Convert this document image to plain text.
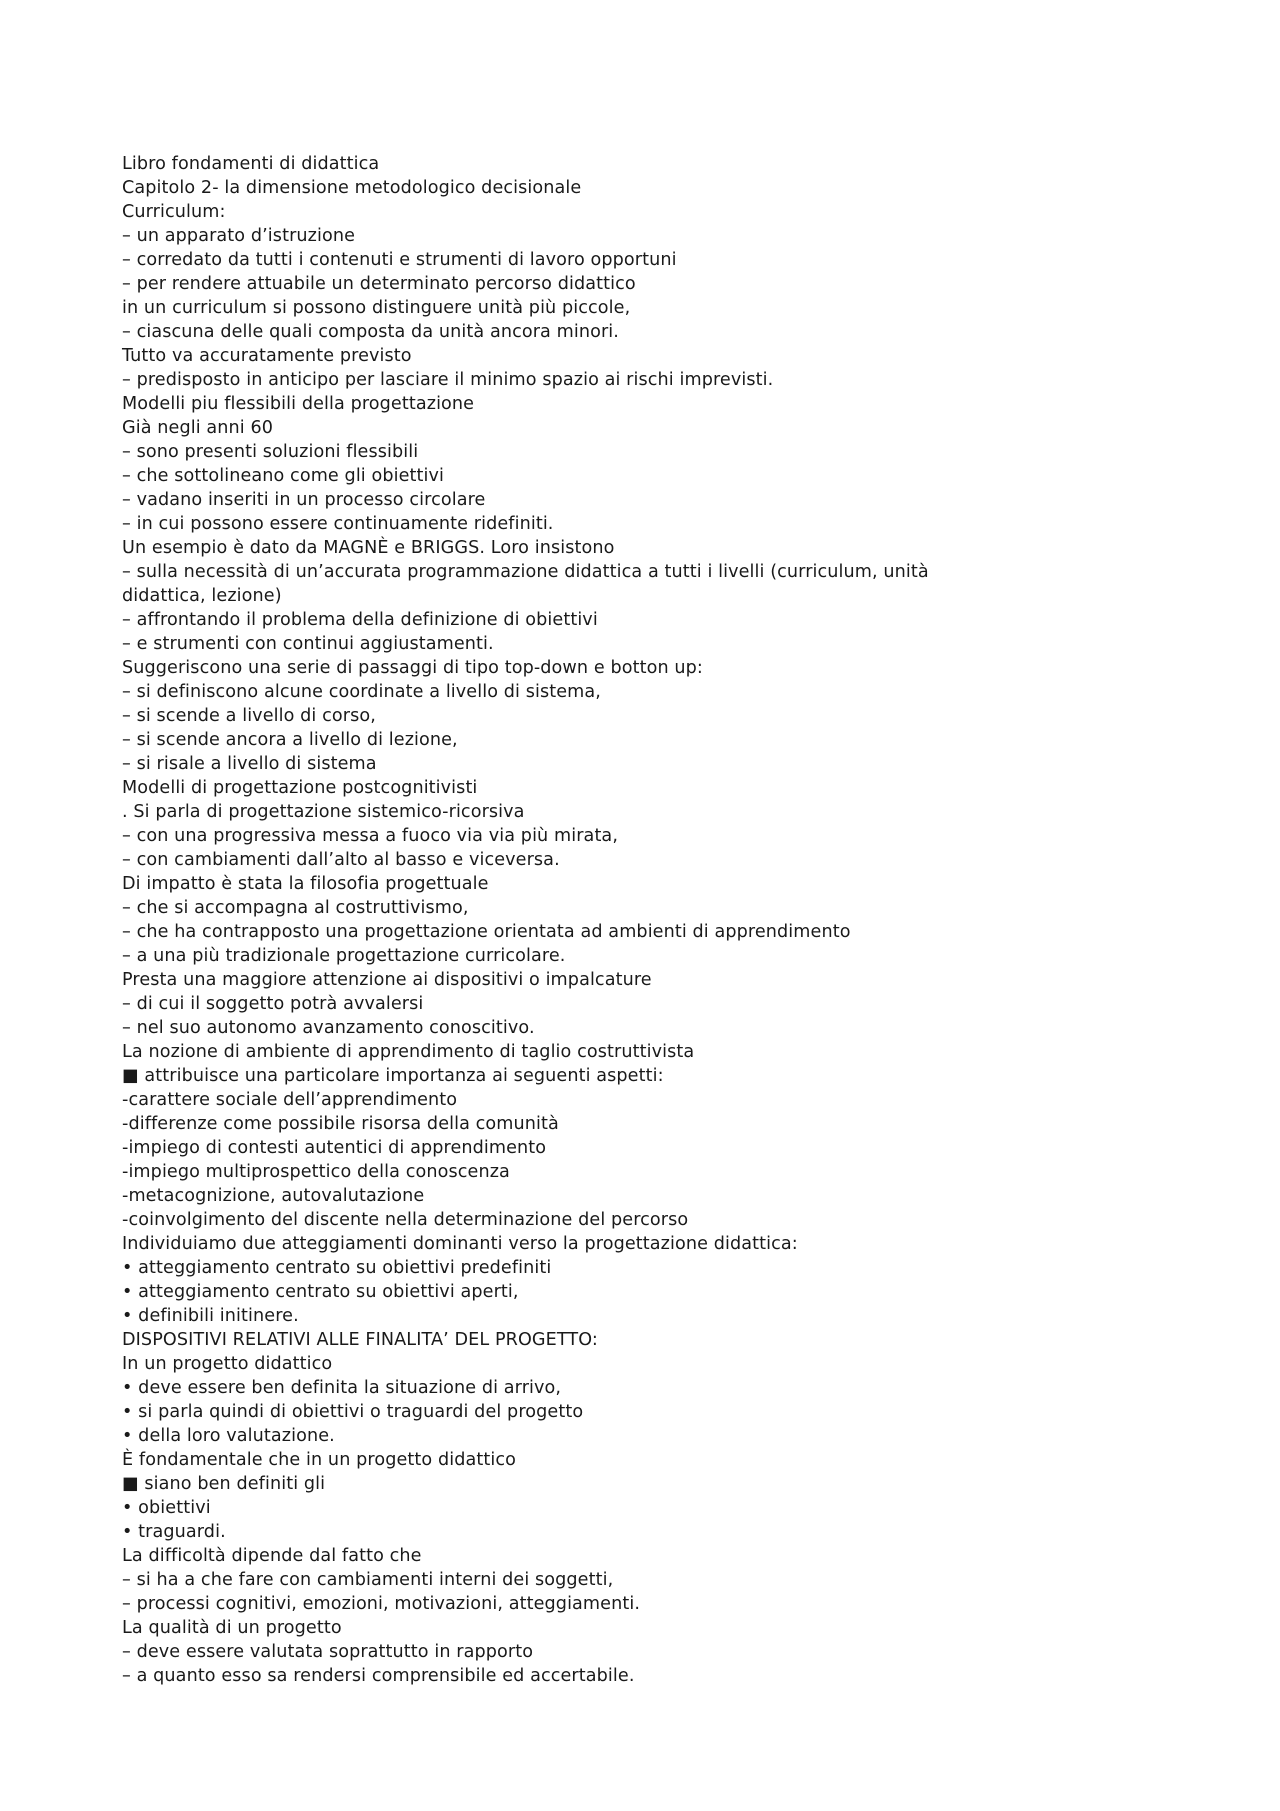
Libro fondamenti di didattica
Capitolo 2- la dimensione metodologico decisionale
Curriculum:
– un apparato d’istruzione
– corredato da tutti i contenuti e strumenti di lavoro opportuni
– per rendere attuabile un determinato percorso didattico
in un curriculum si possono distinguere unità più piccole,
– ciascuna delle quali composta da unità ancora minori.
Tutto va accuratamente previsto
– predisposto in anticipo per lasciare il minimo spazio ai rischi imprevisti.
Modelli piu flessibili della progettazione
Già negli anni 60
– sono presenti soluzioni flessibili
– che sottolineano come gli obiettivi
– vadano inseriti in un processo circolare
– in cui possono essere continuamente ridefiniti.
Un esempio è dato da MAGNÈ e BRIGGS. Loro insistono
– sulla necessità di un’accurata programmazione didattica a tutti i livelli (curriculum, unità
didattica, lezione)
– affrontando il problema della definizione di obiettivi
– e strumenti con continui aggiustamenti.
Suggeriscono una serie di passaggi di tipo top-down e botton up:
– si definiscono alcune coordinate a livello di sistema,
– si scende a livello di corso,
– si scende ancora a livello di lezione,
– si risale a livello di sistema
Modelli di progettazione postcognitivisti
. Si parla di progettazione sistemico-ricorsiva
– con una progressiva messa a fuoco via via più mirata,
– con cambiamenti dall’alto al basso e viceversa.
Di impatto è stata la filosofia progettuale
– che si accompagna al costruttivismo,
– che ha contrapposto una progettazione orientata ad ambienti di apprendimento
– a una più tradizionale progettazione curricolare.
Presta una maggiore attenzione ai dispositivi o impalcature
– di cui il soggetto potrà avvalersi
– nel suo autonomo avanzamento conoscitivo.
La nozione di ambiente di apprendimento di taglio costruttivista
■ attribuisce una particolare importanza ai seguenti aspetti:
-carattere sociale dell’apprendimento
-differenze come possibile risorsa della comunità
-impiego di contesti autentici di apprendimento
-impiego multiprospettico della conoscenza
-metacognizione, autovalutazione
-coinvolgimento del discente nella determinazione del percorso
Individuiamo due atteggiamenti dominanti verso la progettazione didattica:
• atteggiamento centrato su obiettivi predefiniti
• atteggiamento centrato su obiettivi aperti,
• definibili initinere.
DISPOSITIVI RELATIVI ALLE FINALITA’ DEL PROGETTO:
In un progetto didattico
• deve essere ben definita la situazione di arrivo,
• si parla quindi di obiettivi o traguardi del progetto
• della loro valutazione.
È fondamentale che in un progetto didattico
■ siano ben definiti gli
• obiettivi
• traguardi.
La difficoltà dipende dal fatto che
– si ha a che fare con cambiamenti interni dei soggetti,
– processi cognitivi, emozioni, motivazioni, atteggiamenti.
La qualità di un progetto
– deve essere valutata soprattutto in rapporto
– a quanto esso sa rendersi comprensibile ed accertabile.
